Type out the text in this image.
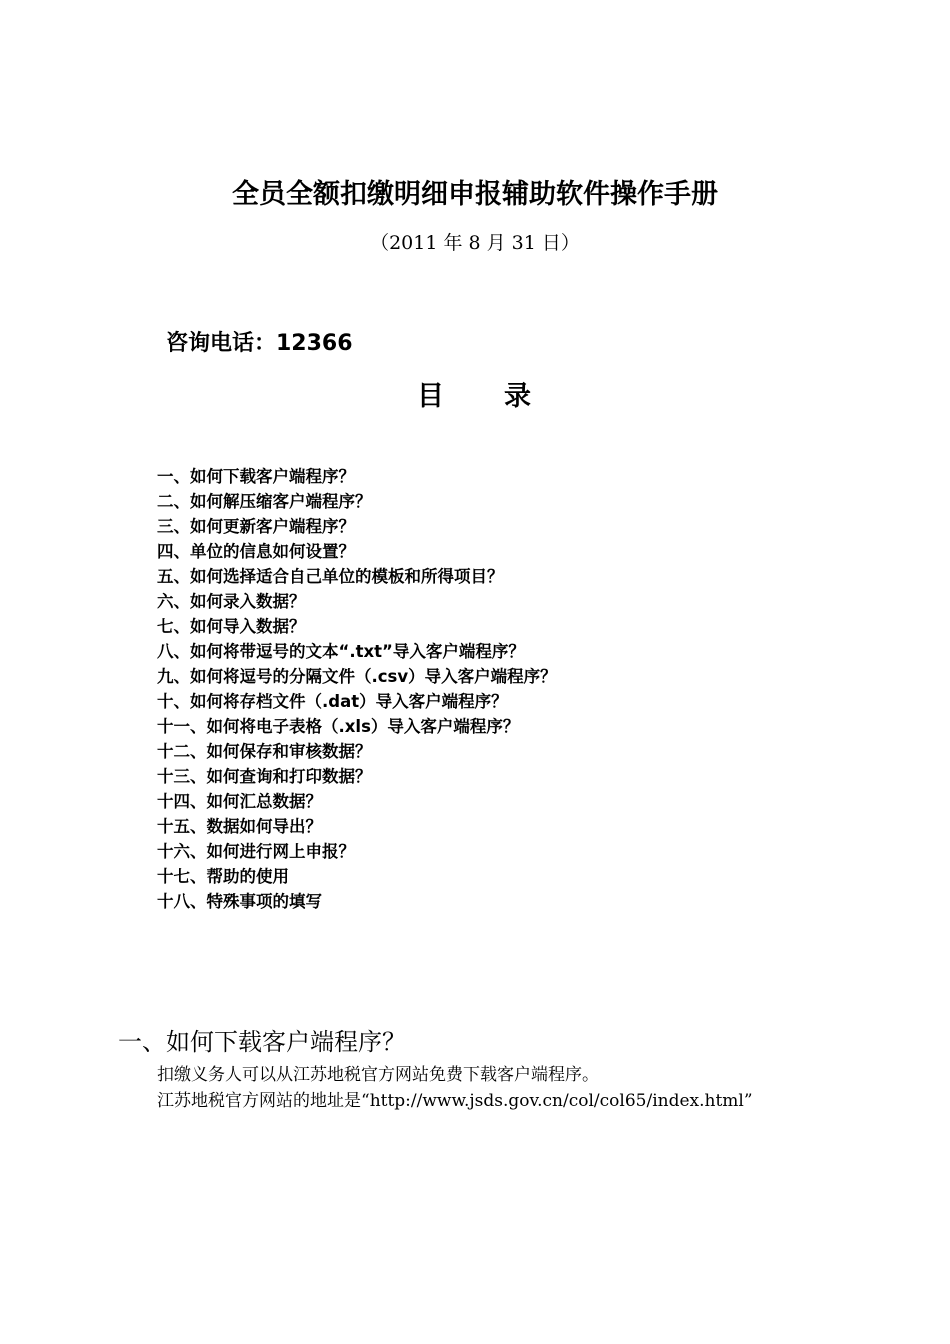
全员全额扣缴明细申报辅助软件操作手册
（2011 年 8 月 31 日）
咨询电话：12366
目　　录
一、如何下载客户端程序？
二、如何解压缩客户端程序？
三、如何更新客户端程序？
四、单位的信息如何设置？
五、如何选择适合自己单位的模板和所得项目？
六、如何录入数据？
七、如何导入数据？
八、如何将带逗号的文本“.txt”导入客户端程序？
九、如何将逗号的分隔文件（.csv）导入客户端程序？
十、如何将存档文件（.dat）导入客户端程序？
十一、如何将电子表格（.xls）导入客户端程序？
十二、如何保存和审核数据？
十三、如何查询和打印数据？
十四、如何汇总数据？
十五、数据如何导出？
十六、如何进行网上申报？
十七、帮助的使用
十八、特殊事项的填写
一、如何下载客户端程序？

扣缴义务人可以从江苏地税官方网站免费下载客户端程序。

江苏地税官方网站的地址是“http://www.jsds.gov.cn/col/col65/index.html”
